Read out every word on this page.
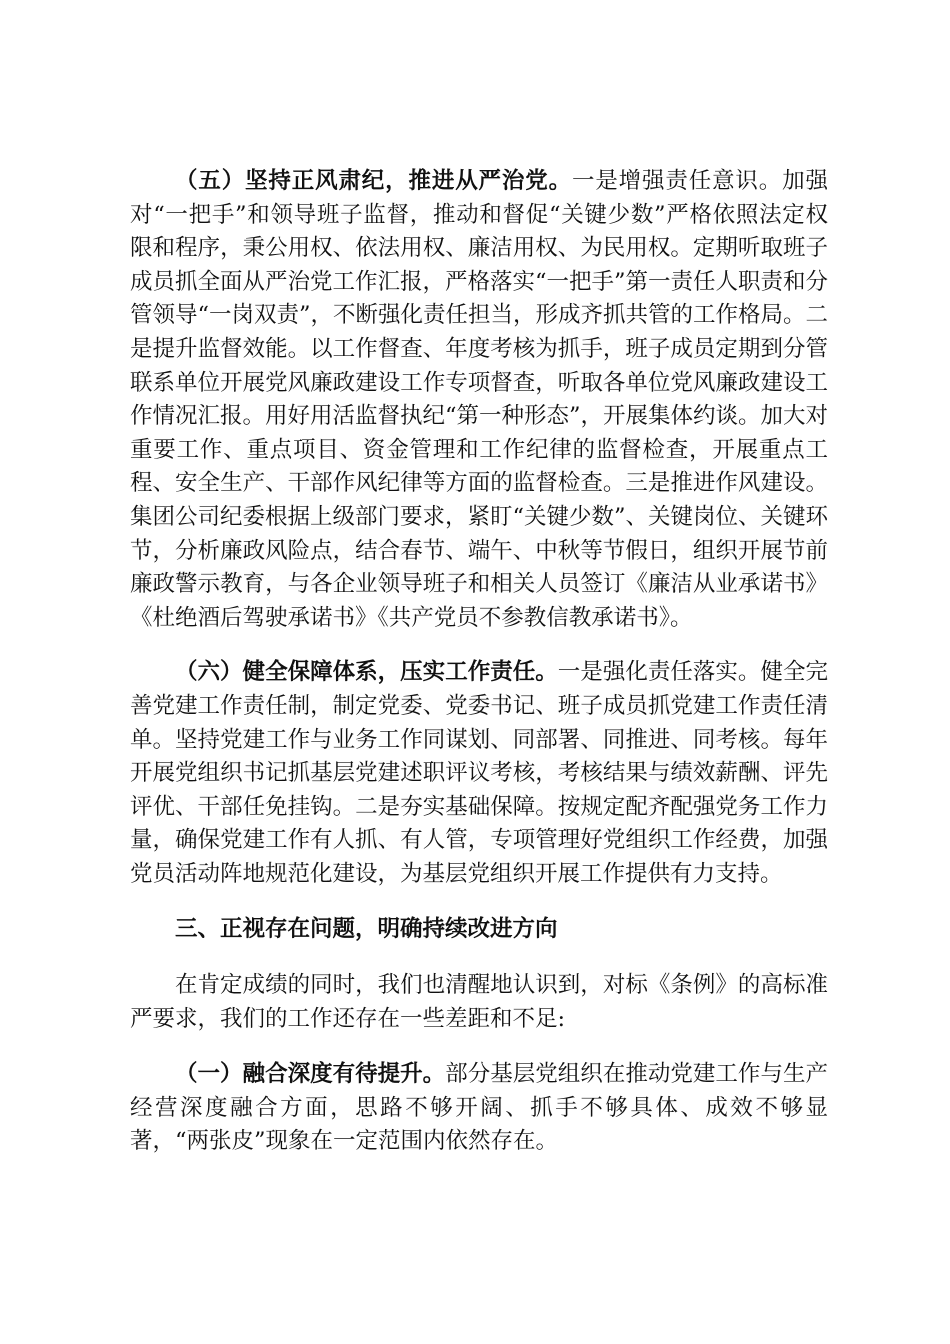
（五）坚持正风肃纪，推进从严治党。一是增强责任意识。加强对“一把手”和领导班子监督，推动和督促“关键少数”严格依照法定权限和程序，秉公用权、依法用权、廉洁用权、为民用权。定期听取班子成员抓全面从严治党工作汇报，严格落实“一把手”第一责任人职责和分管领导“一岗双责”，不断强化责任担当，形成齐抓共管的工作格局。二是提升监督效能。以工作督查、年度考核为抓手，班子成员定期到分管联系单位开展党风廉政建设工作专项督查，听取各单位党风廉政建设工作情况汇报。用好用活监督执纪“第一种形态”，开展集体约谈。加大对重要工作、重点项目、资金管理和工作纪律的监督检查，开展重点工程、安全生产、干部作风纪律等方面的监督检查。三是推进作风建设。集团公司纪委根据上级部门要求，紧盯“关键少数”、关键岗位、关键环节，分析廉政风险点，结合春节、端午、中秋等节假日，组织开展节前廉政警示教育，与各企业领导班子和相关人员签订《廉洁从业承诺书》《杜绝酒后驾驶承诺书》《共产党员不参教信教承诺书》。

（六）健全保障体系，压实工作责任。一是强化责任落实。健全完善党建工作责任制，制定党委、党委书记、班子成员抓党建工作责任清单。坚持党建工作与业务工作同谋划、同部署、同推进、同考核。每年开展党组织书记抓基层党建述职评议考核，考核结果与绩效薪酬、评先评优、干部任免挂钩。二是夯实基础保障。按规定配齐配强党务工作力量，确保党建工作有人抓、有人管，专项管理好党组织工作经费，加强党员活动阵地规范化建设，为基层党组织开展工作提供有力支持。

三、正视存在问题，明确持续改进方向

在肯定成绩的同时，我们也清醒地认识到，对标《条例》的高标准严要求，我们的工作还存在一些差距和不足:

（一）融合深度有待提升。部分基层党组织在推动党建工作与生产经营深度融合方面，思路不够开阔、抓手不够具体、成效不够显著，“两张皮”现象在一定范围内依然存在。
